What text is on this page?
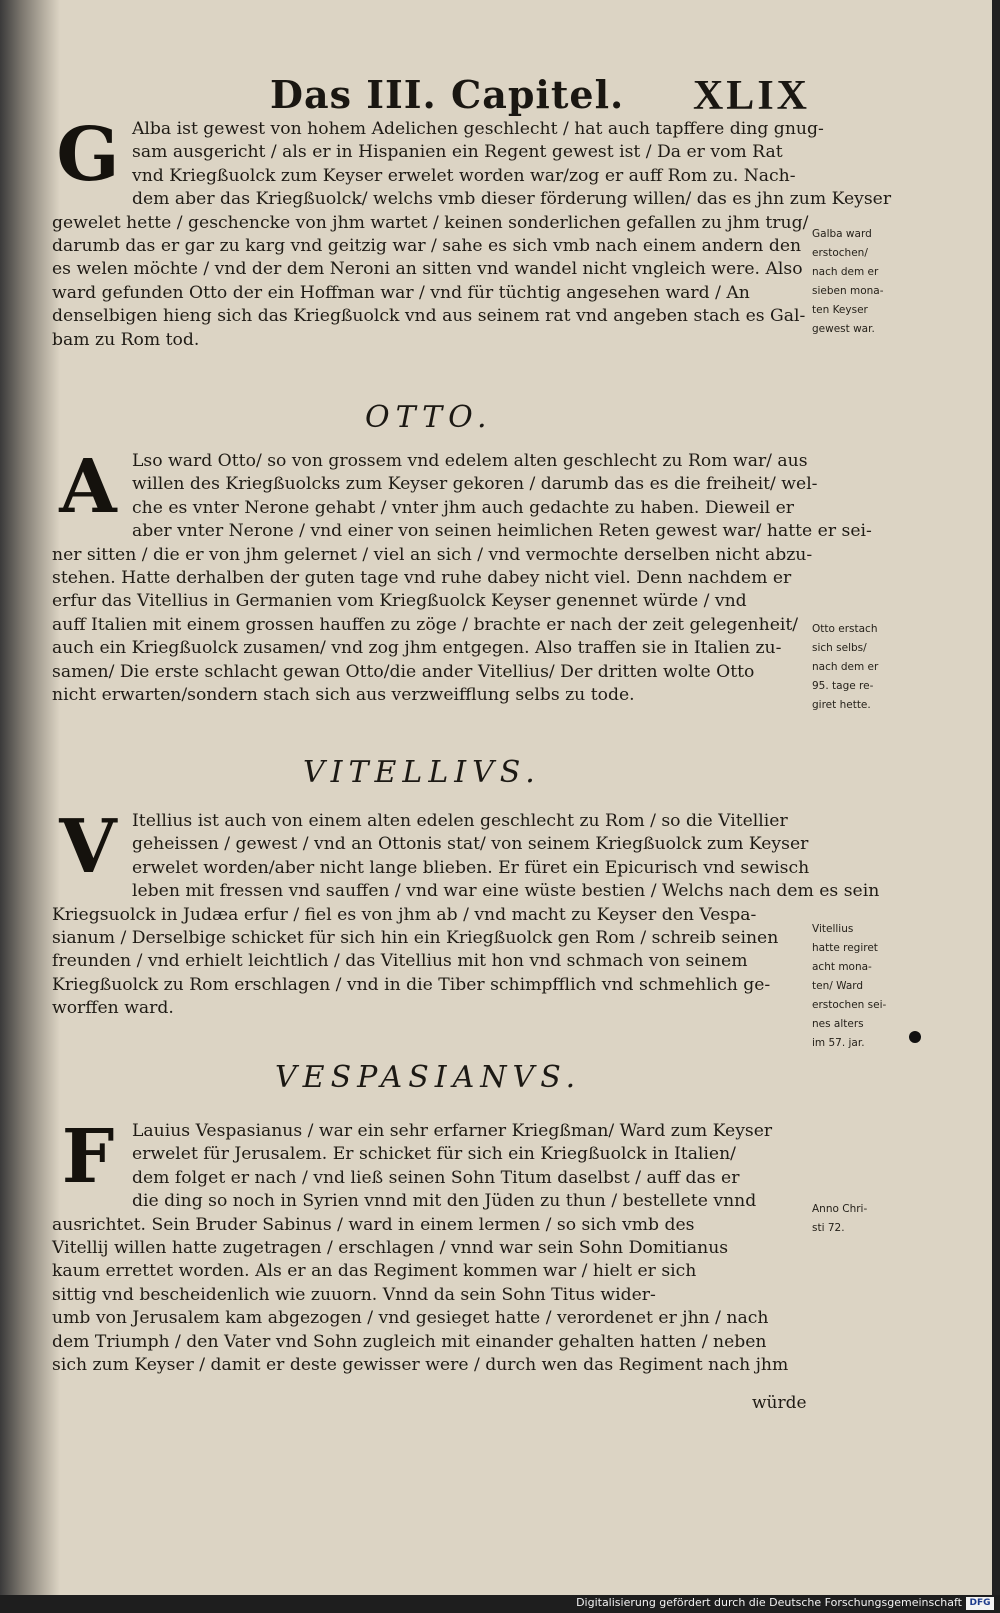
Das III. Capitel. XLIX
G Alba ist gewest von hohem Adelichen geschlecht / hat auch tapffere ding gnug-
sam ausgericht / als er in Hispanien ein Regent gewest ist / Da er vom Rat
vnd Kriegßuolck zum Keyser erwelet worden war/zog er auff Rom zu. Nach-
dem aber das Kriegßuolck/ welchs vmb dieser förderung willen/ das es jhn zum Keyser
gewelet hette / geschencke von jhm wartet / keinen sonderlichen gefallen zu jhm trug/
darumb das er gar zu karg vnd geitzig war / sahe es sich vmb nach einem andern den
es welen möchte / vnd der dem Neroni an sitten vnd wandel nicht vngleich were. Also
ward gefunden Otto der ein Hoffman war / vnd für tüchtig angesehen ward / An
denselbigen hieng sich das Kriegßuolck vnd aus seinem rat vnd angeben stach es Gal-
bam zu Rom tod.
OTTO.
A Lso ward Otto/ so von grossem vnd edelem alten geschlecht zu Rom war/ aus
willen des Kriegßuolcks zum Keyser gekoren / darumb das es die freiheit/ wel-
che es vnter Nerone gehabt / vnter jhm auch gedachte zu haben. Dieweil er
aber vnter Nerone / vnd einer von seinen heimlichen Reten gewest war/ hatte er sei-
ner sitten / die er von jhm gelernet / viel an sich / vnd vermochte derselben nicht abzu-
stehen. Hatte derhalben der guten tage vnd ruhe dabey nicht viel. Denn nachdem er
erfur das Vitellius in Germanien vom Kriegßuolck Keyser genennet würde / vnd
auff Italien mit einem grossen hauffen zu zöge / brachte er nach der zeit gelegenheit/
auch ein Kriegßuolck zusamen/ vnd zog jhm entgegen. Also traffen sie in Italien zu-
samen/ Die erste schlacht gewan Otto/die ander Vitellius/ Der dritten wolte Otto
nicht erwarten/sondern stach sich aus verzweifflung selbs zu tode.
VITELLIVS.
V Itellius ist auch von einem alten edelen geschlecht zu Rom / so die Vitellier
geheissen / gewest / vnd an Ottonis stat/ von seinem Kriegßuolck zum Keyser
erwelet worden/aber nicht lange blieben. Er füret ein Epicurisch vnd sewisch
leben mit fressen vnd sauffen / vnd war eine wüste bestien / Welchs nach dem es sein
Kriegsuolck in Judæa erfur / fiel es von jhm ab / vnd macht zu Keyser den Vespa-
sianum / Derselbige schicket für sich hin ein Kriegßuolck gen Rom / schreib seinen
freunden / vnd erhielt leichtlich / das Vitellius mit hon vnd schmach von seinem
Kriegßuolck zu Rom erschlagen / vnd in die Tiber schimpfflich vnd schmehlich ge-
worffen ward.
VESPASIANVS.
F	Lauius Vespasianus / war ein sehr erfarner Kriegßman/ Ward zum Keyser
erwelet für Jerusalem. Er schicket für sich ein Kriegßuolck in Italien/
dem folget er nach / vnd ließ seinen Sohn Titum daselbst / auff das er
die ding so noch in Syrien vnnd mit den Jüden zu thun / bestellete vnnd
ausrichtet. Sein Bruder Sabinus / ward in einem lermen / so sich vmb des
Vitellij willen hatte zugetragen / erschlagen / vnnd war sein Sohn Domitianus
kaum errettet worden. Als er an das Regiment kommen war / hielt er sich
sittig vnd bescheidenlich wie zuuorn. Vnnd da sein Sohn Titus wider-
umb von Jerusalem kam abgezogen / vnd gesieget hatte / verordenet er jhn / nach
dem Triumph / den Vater vnd Sohn zugleich mit einander gehalten hatten / neben
sich zum Keyser / damit er deste gewisser were / durch wen das Regiment nach jhm
würde
Galba ward
erstochen/
nach dem er
sieben mona-
ten Keyser
gewest war.
Otto erstach
sich selbs/
nach dem er
95. tage re-
giret hette.
Vitellius
hatte regiret
acht mona-
ten/ Ward
erstochen sei-
nes alters
im 57. jar.
Anno Chri-
sti 72.
Digitalisierung gefördert durch die Deutsche Forschungsgemeinschaft DFG
